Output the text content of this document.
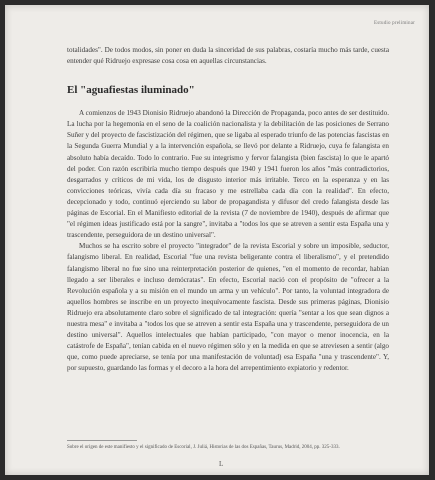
Estudio preliminar

totalidades". De todos modos, sin poner en duda la sinceridad de sus palabras, costaría mucho más tarde, cuesta entender qué Ridruejo expresase cosa cosa en aquellas circunstancias.

El "aguafiestas iluminado"

A comienzos de 1943 Dionisio Ridruejo abandonó la Dirección de Propaganda, poco antes de ser destituido. La lucha por la hegemonía en el seno de la coalición nacionalista y la debilitación de las posiciones de Serrano Suñer y del proyecto de fascistización del régimen, que se ligaba al esperado triunfo de las potencias fascistas en la Segunda Guerra Mundial y a la intervención española, se llevó por delante a Ridruejo, cuya fe falangista en absoluto había decaído. Todo lo contrario. Fue su integrismo y fervor falangista (bien fascista) lo que le apartó del poder. Con razón escribiría mucho tiempo después que 1940 y 1941 fueron los años "más contradictorios, desgarrados y críticos de mi vida, los de disgusto interior más irritable. Terco en la esperanza y en las convicciones teóricas, vivía cada día su fracaso y me estrellaba cada día con la realidad". En efecto, decepcionado y todo, continuó ejerciendo su labor de propagandista y difusor del credo falangista desde las páginas de Escorial. En el Manifiesto editorial de la revista (7 de noviembre de 1940), después de afirmar que "el régimen ideas justificado está por la sangre", invitaba a "todos los que se atreven a sentir esta España una y trascendente, perseguidora de un destino universal".

Muchos se ha escrito sobre el proyecto "integrador" de la revista Escorial y sobre un imposible, seductor, falangismo liberal. En realidad, Escorial "fue una revista beligerante contra el liberalismo", y el pretendido falangismo liberal no fue sino una reinterpretación posterior de quienes, "en el momento de recordar, habían llegado a ser liberales e incluso demócratas". En efecto, Escorial nació con el propósito de "ofrecer a la Revolución española y a su misión en el mundo un arma y un vehículo". Por tanto, la voluntad integradora de aquellos hombres se inscribe en un proyecto inequívocamente fascista. Desde sus primeras páginas, Dionisio Ridruejo era absolutamente claro sobre el significado de tal integración: quería "sentar a los que sean dignos a nuestra mesa" e invitaba a "todos los que se atreven a sentir esta España una y trascendente, perseguidora de un destino universal". Aquellos intelectuales que habían participado, "con mayor o menor inocencia, en la catástrofe de España", tenían cabida en el nuevo régimen sólo y en la medida en que se atreviesen a sentir (algo que, como puede apreciarse, se tenía por una manifestación de voluntad) esa España "una y trascendente". Y, por supuesto, guardando las formas y el decoro a la hora del arrepentimiento expiatorio y redentor.

Sobre el origen de este manifiesto y el significado de Escorial, J. Juliá, Historias de las dos Españas, Taurus, Madrid, 2004, pp. 325-333.
L
